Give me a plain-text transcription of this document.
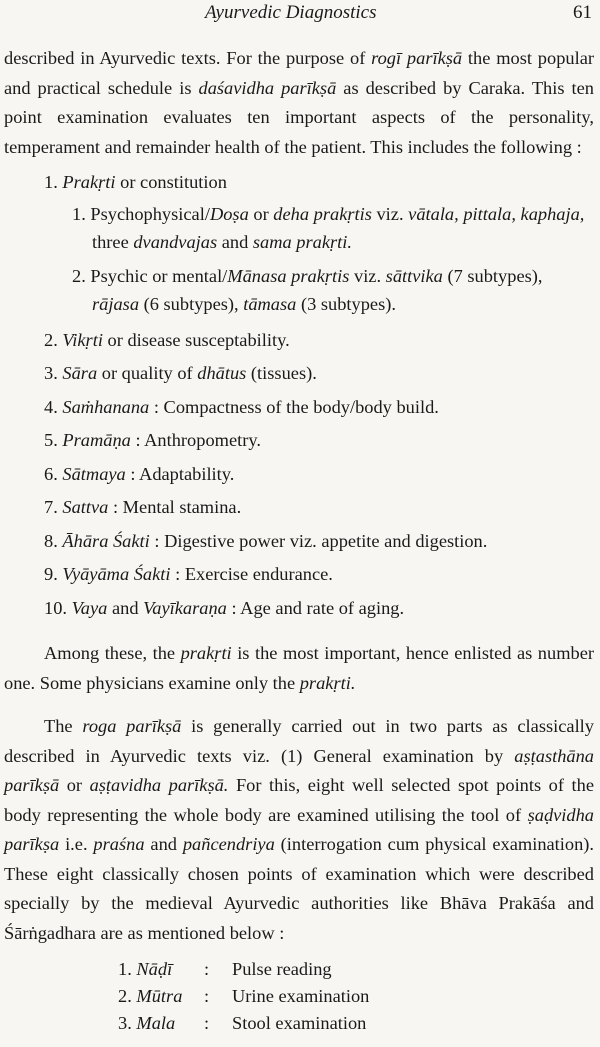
Ayurvedic Diagnostics	61

described in Ayurvedic texts. For the purpose of rogī parīkṣā the most popular and practical schedule is daśavidha parīkṣā as described by Caraka. This ten point examination evaluates ten important aspects of the personality, temperament and remainder health of the patient. This includes the following :

1. Prakṛti or constitution
1. Psychophysical/Doṣa or deha prakṛtis viz. vātala, pittala, kaphaja, three dvandvajas and sama prakṛti.
2. Psychic or mental/Mānasa prakṛtis viz. sāttvika (7 subtypes), rājasa (6 subtypes), tāmasa (3 subtypes).
2. Vikṛti or disease susceptability.
3. Sāra or quality of dhātus (tissues).
4. Saṁhanana : Compactness of the body/body build.
5. Pramāṇa : Anthropometry.
6. Sātmaya : Adaptability.
7. Sattva : Mental stamina.
8. Āhāra Śakti : Digestive power viz. appetite and digestion.
9. Vyāyāma Śakti : Exercise endurance.
10. Vaya and Vayīkaraṇa : Age and rate of aging.

Among these, the prakṛti is the most important, hence enlisted as number one. Some physicians examine only the prakṛti.

The roga parīkṣā is generally carried out in two parts as classically described in Ayurvedic texts viz. (1) General examination by aṣṭasthāna parīkṣā or aṣṭavidha parīkṣā. For this, eight well selected spot points of the body representing the whole body are examined utilising the tool of ṣaḍvidha parīkṣa i.e. praśna and pañcendriya (interrogation cum physical examination). These eight classically chosen points of examination which were described specially by the medieval Ayurvedic authorities like Bhāva Prakāśa and Śārṅgadhara are as mentioned below :

1. Nāḍī	:	Pulse reading
2. Mūtra	:	Urine examination
3. Mala	:	Stool examination
